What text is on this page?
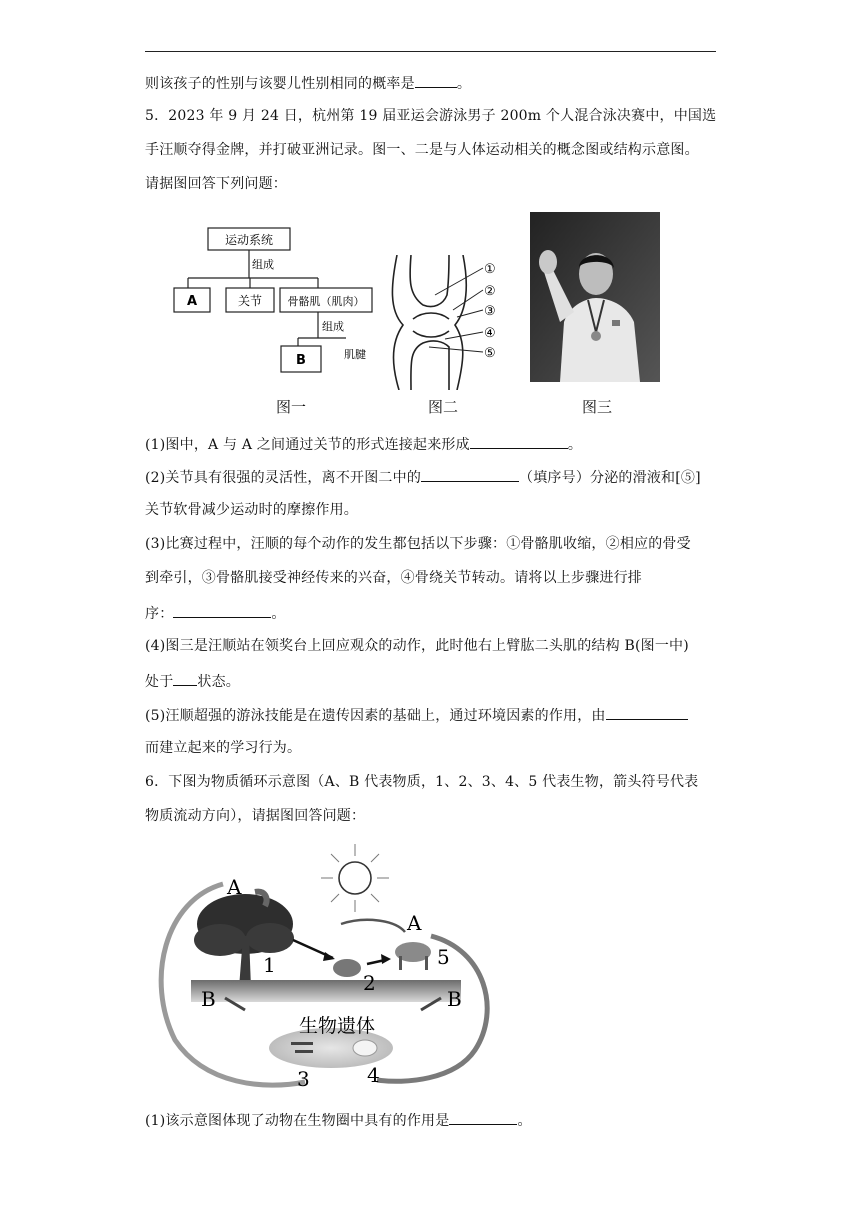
则该孩子的性别与该婴儿性别相同的概率是	。
5．2023 年 9 月 24 日，杭州第 19 届亚运会游泳男子 200m 个人混合泳决赛中，中国选
手汪顺夺得金牌，并打破亚洲记录。图一、二是与人体运动相关的概念图或结构示意图。
请据图回答下列问题：
运动系统
组成
A	关节 骨骼肌（肌肉）
组成
B	肌腱
①
②
③
④
⑤
图一	图二	图三
(1)图中，A 与 A 之间通过关节的形式连接起来形成	。
(2)关节具有很强的灵活性，离不开图二中的	（填序号）分泌的滑液和[⑤]
关节软骨减少运动时的摩擦作用。
(3)比赛过程中，汪顺的每个动作的发生都包括以下步骤：①骨骼肌收缩，②相应的骨受
到牵引，③骨骼肌接受神经传来的兴奋，④骨绕关节转动。请将以上步骤进行排
序：	。
(4)图三是汪顺站在领奖台上回应观众的动作，此时他右上臂肱二头肌的结构 B(图一中)
处于 状态。
(5)汪顺超强的游泳技能是在遗传因素的基础上，通过环境因素的作用，由
而建立起来的学习行为。
6．下图为物质循环示意图（A、B 代表物质，1、2、3、4、5 代表生物，箭头符号代表
物质流动方向），请据图回答问题：
A
A
B	B
1
2
3	4
5
生物遗体
(1)该示意图体现了动物在生物圈中具有的作用是	。
